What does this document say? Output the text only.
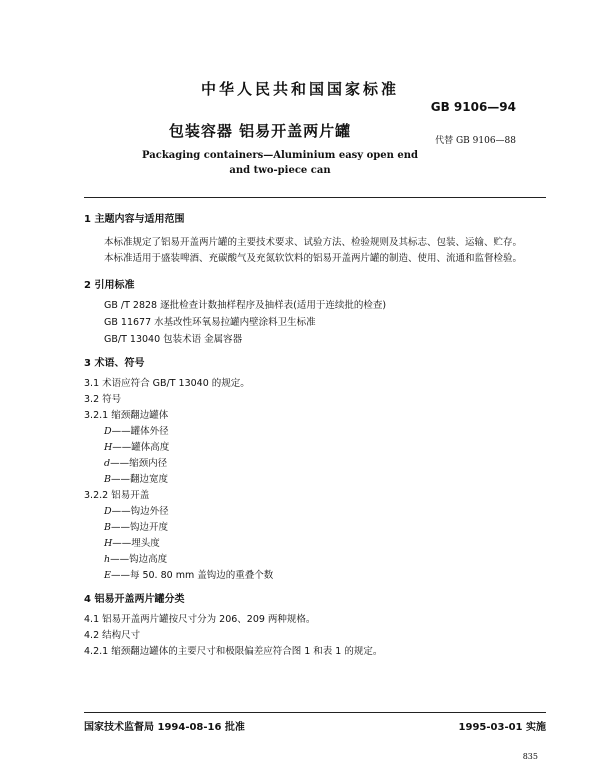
中华人民共和国国家标准
GB 9106—94
包装容器 铝易开盖两片罐
代替 GB 9106—88
Packaging containers—Aluminium easy open end
and two-piece can
1 主题内容与适用范围
本标准规定了铝易开盖两片罐的主要技术要求、试验方法、检验规则及其标志、包装、运输、贮存。
本标准适用于盛装啤酒、充碳酸气及充氮软饮料的铝易开盖两片罐的制造、使用、流通和监督检验。
2 引用标准
GB /T 2828 逐批检查计数抽样程序及抽样表(适用于连续批的检查)
GB 11677 水基改性环氧易拉罐内壁涂料卫生标准
GB/T 13040 包装术语 金属容器
3 术语、符号
3.1 术语应符合 GB/T 13040 的规定。
3.2 符号
3.2.1 缩颈翻边罐体
D——罐体外径
H——罐体高度
d——缩颈内径
B——翻边宽度
3.2.2 铝易开盖
D——钩边外径
B——钩边开度
H——埋头度
h——钩边高度
E——每 50. 80 mm 盖钩边的重叠个数
4 铝易开盖两片罐分类
4.1 铝易开盖两片罐按尺寸分为 206、209 两种规格。
4.2 结构尺寸
4.2.1 缩颈翻边罐体的主要尺寸和极限偏差应符合图 1 和表 1 的规定。
国家技术监督局 1994-08-16 批准	1995-03-01 实施
835
